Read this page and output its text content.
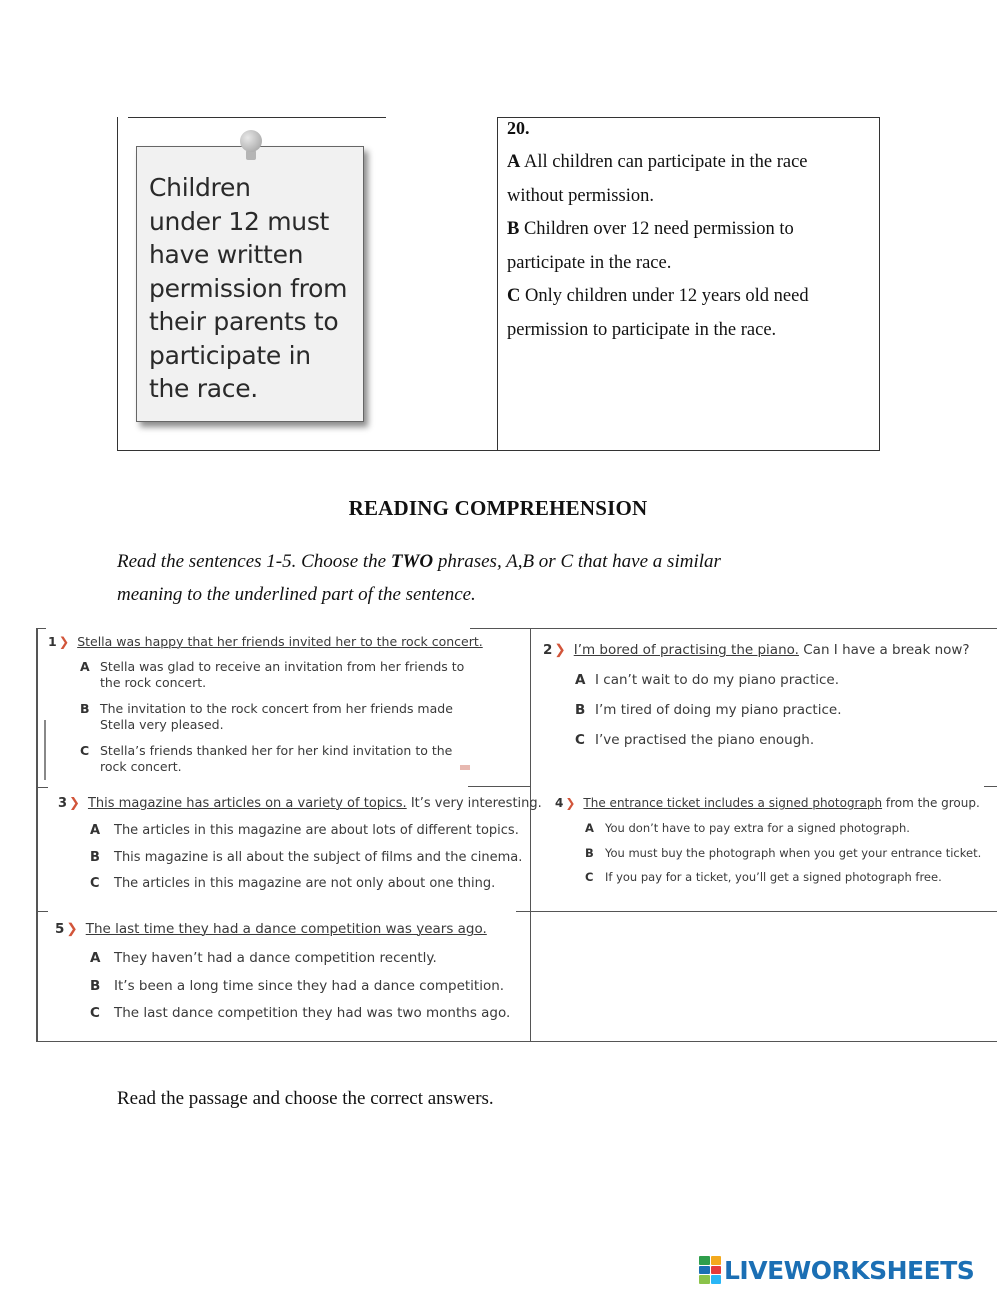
Children
under 12 must
have written
permission from
their parents to
participate in
the race.
20.
A All children can participate in the race
without permission.
B Children over 12 need permission to
participate in the race.
C Only children under 12 years old need
permission to participate in the race.
READING COMPREHENSION
Read the sentences 1-5. Choose the TWO phrases, A,B or C that have a similar
meaning to the underlined part of the sentence.
1 ❯ Stella was happy that her friends invited her to the rock concert.
A Stella was glad to receive an invitation from her friends to the rock concert.
B The invitation to the rock concert from her friends made Stella very pleased.
C Stella’s friends thanked her for her kind invitation to the rock concert.
2 ❯ I’m bored of practising the piano. Can I have a break now?
A I can’t wait to do my piano practice.
B I’m tired of doing my piano practice.
C I’ve practised the piano enough.
3 ❯ This magazine has articles on a variety of topics. It’s very interesting.
A The articles in this magazine are about lots of different topics.
B This magazine is all about the subject of films and the cinema.
C The articles in this magazine are not only about one thing.
4 ❯ The entrance ticket includes a signed photograph from the group.
A You don’t have to pay extra for a signed photograph.
B You must buy the photograph when you get your entrance ticket.
C If you pay for a ticket, you’ll get a signed photograph free.
5 ❯ The last time they had a dance competition was years ago.
A They haven’t had a dance competition recently.
B It’s been a long time since they had a dance competition.
C The last dance competition they had was two months ago.
Read the passage and choose the correct answers.
LIVEWORKSHEETS
